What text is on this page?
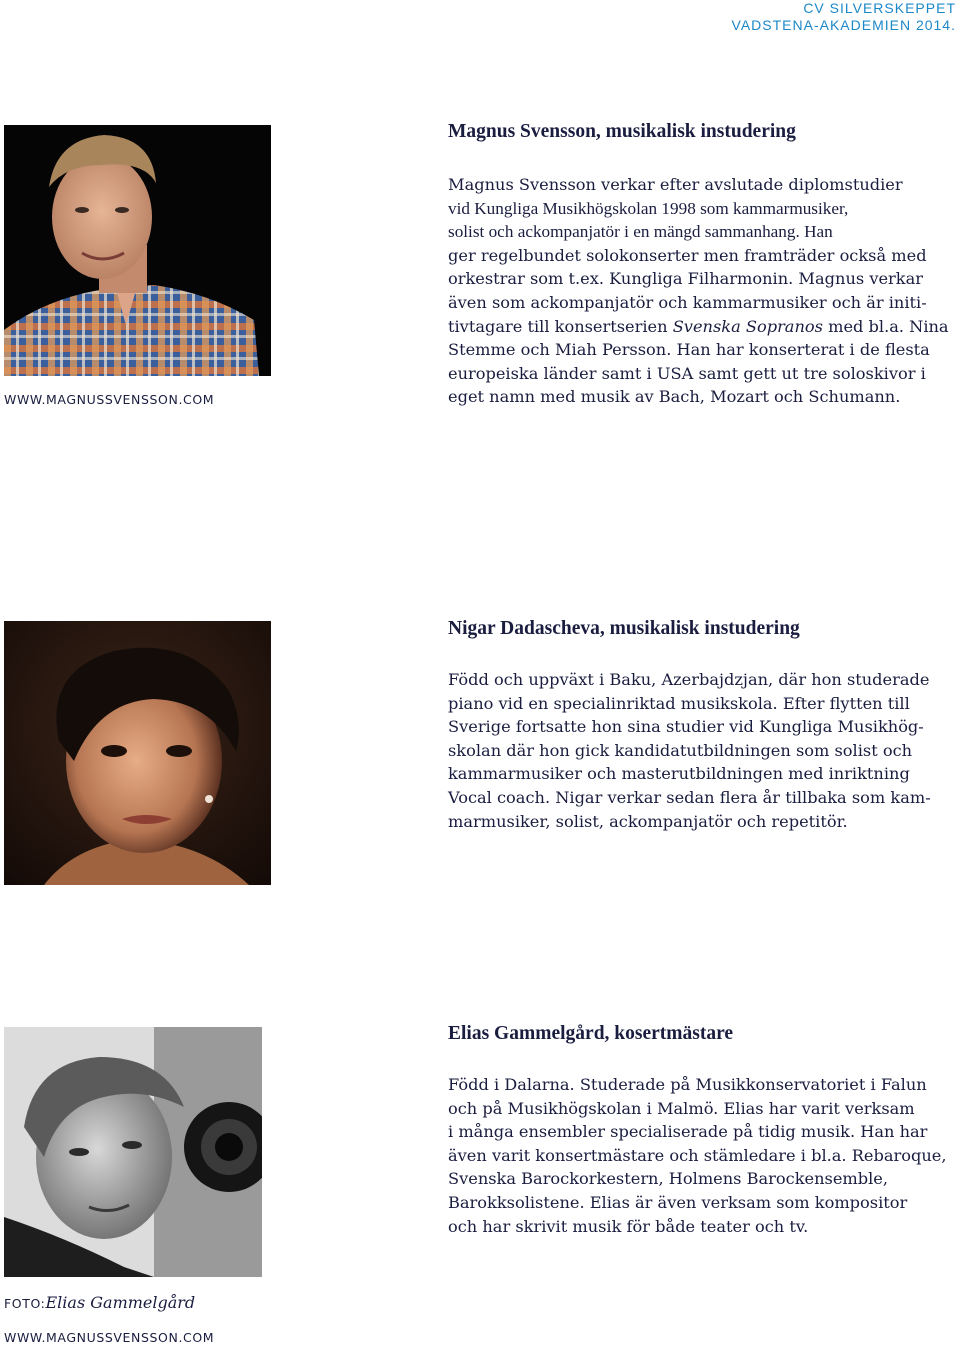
CV SILVERSKEPPET
VADSTENA-AKADEMIEN 2014.
WWW.MAGNUSSVENSSON.COM
Magnus Svensson, musikalisk instudering
Magnus Svensson verkar efter avslutade diplomstudier
vid Kungliga Musikhögskolan 1998 som kammarmusiker,
solist och ackompanjatör i en mängd sammanhang. Han
ger regelbundet solokonserter men framträder också med
orkestrar som t.ex. Kungliga Filharmonin. Magnus verkar
även som ackompanjatör och kammarmusiker och är initi-
tivtagare till konsertserien Svenska Sopranos med bl.a. Nina
Stemme och Miah Persson. Han har konserterat i de flesta
europeiska länder samt i USA samt gett ut tre soloskivor i
eget namn med musik av Bach, Mozart och Schumann.
Nigar Dadascheva, musikalisk instudering
Född och uppväxt i Baku, Azerbajdzjan, där hon studerade
piano vid en specialinriktad musikskola. Efter flytten till
Sverige fortsatte hon sina studier vid Kungliga Musikhög-
skolan där hon gick kandidatutbildningen som solist och
kammarmusiker och masterutbildningen med inriktning
Vocal coach. Nigar verkar sedan flera år tillbaka som kam-
marmusiker, solist, ackompanjatör och repetitör.
Elias Gammelgård, kosertmästare
Född i Dalarna. Studerade på Musikkonservatoriet i Falun
och på Musikhögskolan i Malmö. Elias har varit verksam
i många ensembler specialiserade på tidig musik. Han har
även varit konsertmästare och stämledare i bl.a. Rebaroque,
Svenska Barockorkestern, Holmens Barockensemble,
Barokksolistene. Elias är även verksam som kompositor
och har skrivit musik för både teater och tv.
FOTO:Elias Gammelgård
WWW.MAGNUSSVENSSON.COM
